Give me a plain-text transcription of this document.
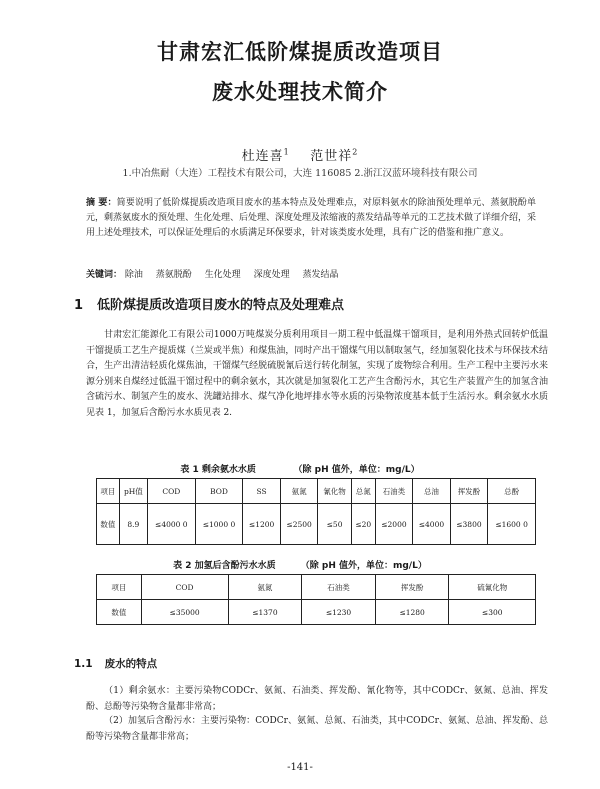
甘肃宏汇低阶煤提质改造项目
废水处理技术简介
杜连喜$^1$ 范世祥$^2$
1.中冶焦耐（大连）工程技术有限公司，大连 116085 2.浙江汉蓝环境科技有限公司
摘 要：简要说明了低阶煤提质改造项目废水的基本特点及处理难点，对原料氨水的除油预处理单元、蒸氨脱酚单元，剩蒸氨废水的预处理、生化处理、后处理、深度处理及浓缩液的蒸发结晶等单元的工艺技术做了详细介绍，采用上述处理技术，可以保证处理后的水质满足环保要求，针对该类废水处理，具有广泛的借鉴和推广意义。
关键词： 除油 蒸氨脱酚 生化处理 深度处理 蒸发结晶
1 低阶煤提质改造项目废水的特点及处理难点
甘肃宏汇能源化工有限公司1000万吨煤炭分质利用项目一期工程中低温煤干馏项目，是利用外热式回转炉低温干馏提质工艺生产提质煤（兰炭或半焦）和煤焦油，同时产出干馏煤气用以制取氢气，经加氢裂化技术与环保技术结合，生产出清洁轻质化煤焦油，干馏煤气经脱硫脱氰后送行转化制氢，实现了废物综合利用。生产工程中主要污水来源分别来自煤经过低温干馏过程中的剩余氨水，其次就是加氢裂化工艺产生含酚污水，其它生产装置产生的加氢含油含硫污水、制氢产生的废水、洗罐站排水、煤气净化地坪排水等水质的污染物浓度基本低于生活污水。剩余氨水水质见表 1，加氢后含酚污水水质见表 2.
表 1 剩余氨水水质	（除 pH 值外，单位：mg/L）
项目	pH值	COD	BOD	SS	氨氮	氰化物	总氮	石油类	总油	挥发酚	总酚
数值	8.9	≤4000 0	≤1000 0	≤1200	≤2500	≤50	≤20	≤2000	≤4000	≤3800	≤1600 0
表 2 加氢后含酚污水水质	（除 pH 值外，单位：mg/L）
项目	COD	氨氮	石油类	挥发酚	硫氰化物
数值	≤35000	≤1370	≤1230	≤1280	≤300
1.1 废水的特点
（1）剩余氨水：主要污染物CODCr、氨氮、石油类、挥发酚、氰化物等，其中CODCr、氨氮、总油、挥发酚、总酚等污染物含量都非常高；
（2）加氢后含酚污水：主要污染物：CODCr、氨氮、总氮、石油类，其中CODCr、氨氮、总油、挥发酚、总酚等污染物含量都非常高；
-141-
